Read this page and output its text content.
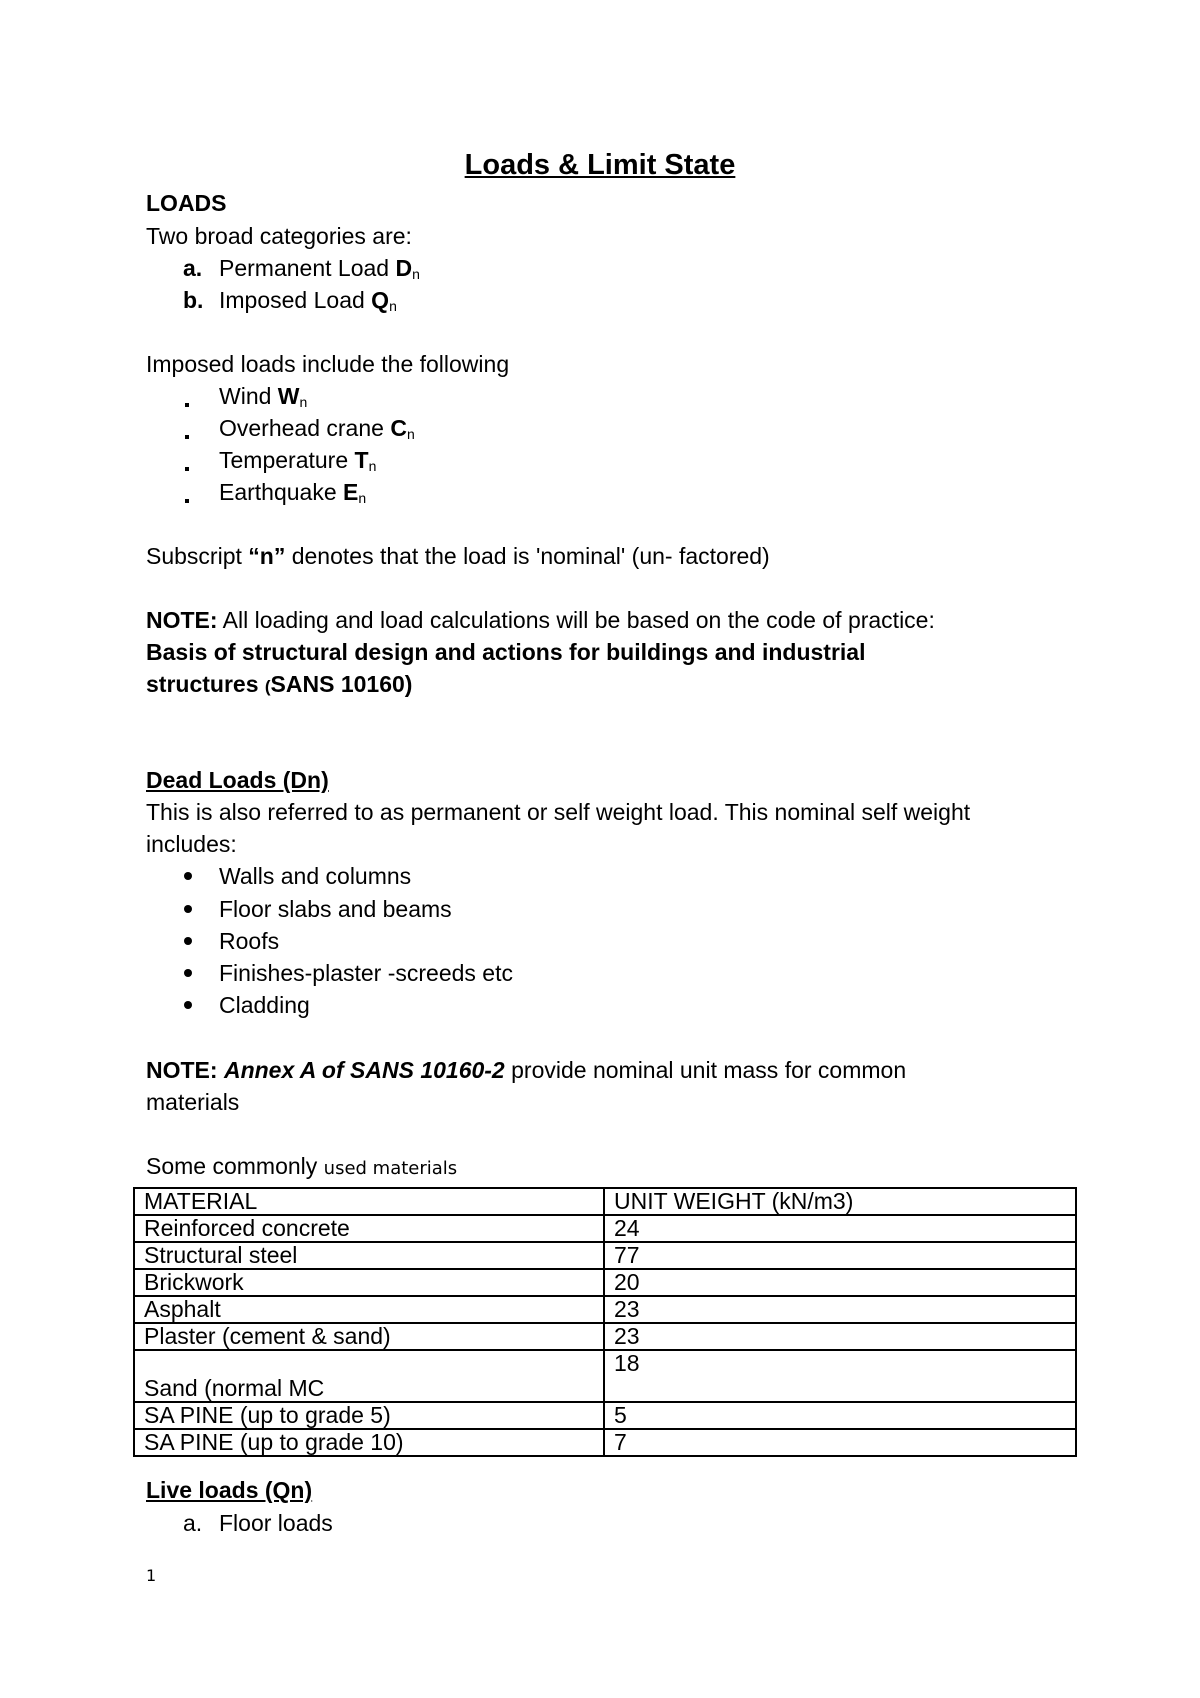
Loads & Limit State
LOADS
Two broad categories are:
a. Permanent Load $D_n$
b. Imposed Load $Q_n$
Imposed loads include the following
Wind $W_n$
Overhead crane $C_n$
Temperature $T_n$
Earthquake $E_n$
Subscript “n” denotes that the load is 'nominal' (un- factored)
NOTE: All loading and load calculations will be based on the code of practice:
Basis of structural design and actions for buildings and industrial
structures (SANS 10160)
Dead Loads (Dn)
This is also referred to as permanent or self weight load. This nominal self weight
includes:
Walls and columns
Floor slabs and beams
Roofs
Finishes-plaster -screeds etc
Cladding
NOTE: Annex A of SANS 10160-2 provide nominal unit mass for common
materials
Some commonly used materials
MATERIAL	UNIT WEIGHT (kN/m3)
Reinforced concrete	24
Structural steel	77
Brickwork	20
Asphalt	23
Plaster (cement & sand)	23
Sand (normal MC	18
SA PINE (up to grade 5)	5
SA PINE (up to grade 10)	7
Live loads (Qn)
a. Floor loads
1
